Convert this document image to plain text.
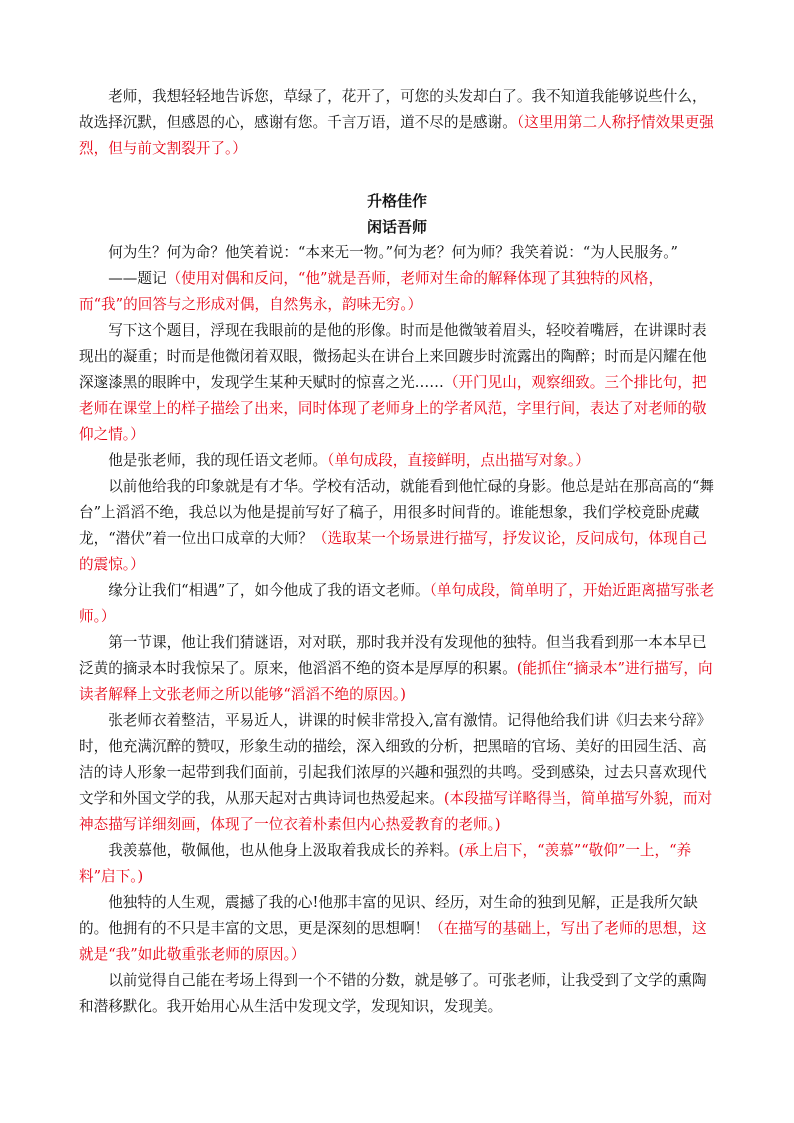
老师，我想轻轻地告诉您，草绿了，花开了，可您的头发却白了。我不知道我能够说些什么，故选择沉默，但感恩的心，感谢有您。千言万语，道不尽的是感谢。（这里用第二人称抒情效果更强烈，但与前文割裂开了。）

升格佳作
闲话吾师

何为生？何为命？他笑着说：“本来无一物。”何为老？何为师？我笑着说：“为人民服务。”

——题记（使用对偶和反问，“他”就是吾师，老师对生命的解释体现了其独特的风格，而“我”的回答与之形成对偶，自然隽永，韵味无穷。）

写下这个题目，浮现在我眼前的是他的形像。时而是他微皱着眉头，轻咬着嘴唇，在讲课时表现出的凝重；时而是他微闭着双眼，微扬起头在讲台上来回踱步时流露出的陶醉；时而是闪耀在他深邃漆黑的眼眸中，发现学生某种天赋时的惊喜之光……（开门见山，观察细致。三个排比句，把老师在课堂上的样子描绘了出来，同时体现了老师身上的学者风范，字里行间，表达了对老师的敬仰之情。）

他是张老师，我的现任语文老师。（单句成段，直接鲜明，点出描写对象。）

以前他给我的印象就是有才华。学校有活动，就能看到他忙碌的身影。他总是站在那高高的“舞台”上滔滔不绝，我总以为他是提前写好了稿子，用很多时间背的。谁能想象，我们学校竟卧虎藏龙，“潜伏”着一位出口成章的大师？（选取某一个场景进行描写，抒发议论，反问成句，体现自己的震惊。）

缘分让我们“相遇”了，如今他成了我的语文老师。（单句成段，简单明了，开始近距离描写张老师。）

第一节课，他让我们猜谜语，对对联，那时我并没有发现他的独特。但当我看到那一本本早已泛黄的摘录本时我惊呆了。原来，他滔滔不绝的资本是厚厚的积累。(能抓住“摘录本”进行描写，向读者解释上文张老师之所以能够“滔滔不绝的原因。)

张老师衣着整洁，平易近人，讲课的时候非常投入,富有激情。记得他给我们讲《归去来兮辞》时，他充满沉醉的赞叹，形象生动的描绘，深入细致的分析，把黑暗的官场、美好的田园生活、高洁的诗人形象一起带到我们面前，引起我们浓厚的兴趣和强烈的共鸣。受到感染，过去只喜欢现代文学和外国文学的我，从那天起对古典诗词也热爱起来。(本段描写详略得当，简单描写外貌，而对神态描写详细刻画，体现了一位衣着朴素但内心热爱教育的老师。)

我羡慕他，敬佩他，也从他身上汲取着我成长的养料。(承上启下，“羡慕”“敬仰”一上，“养料”启下。)

他独特的人生观，震撼了我的心!他那丰富的见识、经历，对生命的独到见解，正是我所欠缺的。他拥有的不只是丰富的文思，更是深刻的思想啊！（在描写的基础上，写出了老师的思想，这就是“我”如此敬重张老师的原因。）

以前觉得自己能在考场上得到一个不错的分数，就是够了。可张老师，让我受到了文学的熏陶和潜移默化。我开始用心从生活中发现文学，发现知识，发现美。
